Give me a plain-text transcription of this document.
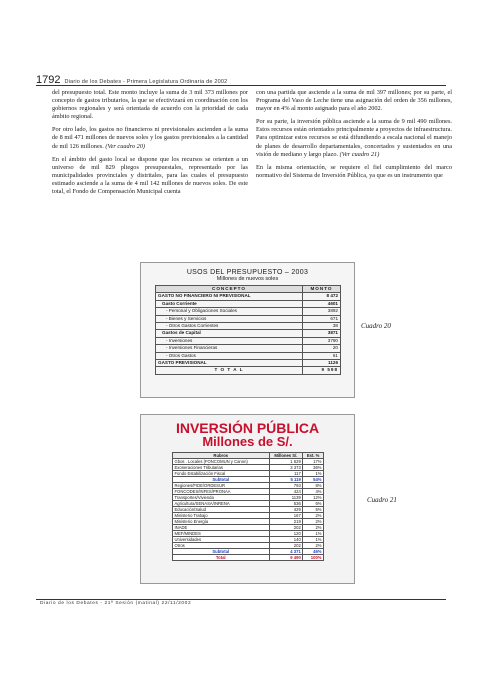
1792 Diario de los Debates - Primera Legislatura Ordinaria de 2002

del presupuesto total. Este monto incluye la suma de 3 mil 373 millones por concepto de gastos tributarios, la que se efectivizará en coordinación con los gobiernos regionales y será orientada de acuerdo con la prioridad de cada ámbito regional.

Por otro lado, los gastos no financieros ni previsionales ascienden a la suma de 8 mil 471 millones de nuevos soles y los gastos previsionales a la cantidad de mil 126 millones. (Ver cuadro 20)

En el ámbito del gasto local se dispone que los recursos se orienten a un universo de mil 829 pliegos presupuestales, representado por las municipalidades provinciales y distritales, para las cuales el presupuesto estimado asciende a la suma de 4 mil 142 millones de nuevos soles. De este total, el Fondo de Compensación Municipal cuenta

con una partida que asciende a la suma de mil 397 millones; por su parte, el Programa del Vaso de Leche tiene una asignación del orden de 356 millones, mayor en 4% al monto asignado para el año 2002.

Por su parte, la inversión pública asciende a la suma de 9 mil 490 millones. Estos recursos están orientados principalmente a proyectos de infraestructura. Para optimizar estos recursos se está difundiendo a escala nacional el manejo de planes de desarrollo departamentales, concertados y sustentados en una visión de mediano y largo plazo. (Ver cuadro 21)

En la misma orientación, se requiere el fiel cumplimiento del marco normativo del Sistema de Inversión Pública, ya que es un instrumento que

USOS DEL PRESUPUESTO – 2003
Millones de nuevos soles
CONCEPTO	MONTO
GASTO NO FINANCIERO NI PREVISIONAL	8 472
Gasto Corriente	4601
- Personal y Obligaciones Sociales	3892
- Bienes y Servicios	671
- Otros Gastos Corrientes	38
Gastos de Capital	3871
- Inversiones	3790
- Inversiones Financieras	20
- Otros Gastos	61
GASTO PREVISIONAL	1126
T O T A L	9 598
Cuadro 20
INVERSIÓN PÚBLICA
Millones de S/.
Rubros	Millones S/.	Est. %
Gbos . Locales (FONCOMUN y Canon)	1 629	17%
Exoneraciones Tributarias	3 373	36%
Fondo Estabilización Fiscal	117	1%
Subtotal	5 119	54%
Regiones/FIDE/ORDESUR	793	8%
FONCODES/INFES/PRONAA	424	4%
Transportes/Vivienda	1139	12%
Agricultura/SENASA/INRENA	536	6%
Educación/Salud	429	5%
Ministerio Trabajo	167	2%
Ministerio Energía	219	2%
INADE	202	2%
MEF/MINDES	120	1%
Universidades	140	1%
Otros	202	2%
Subtotal	4 371	46%
Total	9 490	100%
Cuadro 21
Diario de los Debates - 21ª Sesión (matinal) 22/11/2002
